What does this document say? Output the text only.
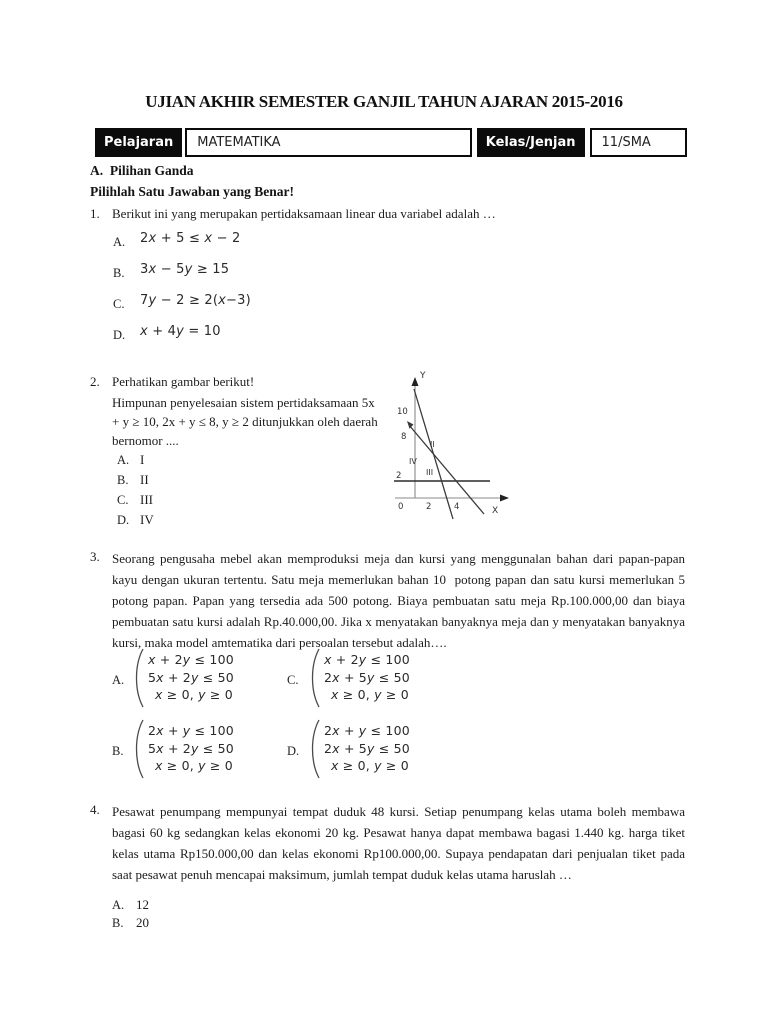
UJIAN AKHIR SEMESTER GANJIL TAHUN AJARAN 2015-2016
Pelajaran	MATEMATIKA	Kelas/Jenjan	11/SMA
A. Pilihan Ganda
Pilihlah Satu Jawaban yang Benar!
1. Berikut ini yang merupakan pertidaksamaan linear dua variabel adalah …
A. 2x + 5 ≤ x − 2
B. 3x − 5y ≥ 15
C. 7y − 2 ≥ 2(x−3)
D. x + 4y = 10
2. Perhatikan gambar berikut!
Himpunan penyelesaian sistem pertidaksamaan 5x + y ≥ 10, 2x + y ≤ 8, y ≥ 2 ditunjukkan oleh daerah bernomor ....
A. I
B. II
C. III
D. IV
Y
X
10
8
2
0	2	4
II
IV
III
3. Seorang pengusaha mebel akan memproduksi meja dan kursi yang menggunalan bahan dari papan-papan kayu dengan ukuran tertentu. Satu meja memerlukan bahan 10  potong papan dan satu kursi memerlukan 5 potong papan. Papan yang tersedia ada 500 potong. Biaya pembuatan satu meja Rp.100.000,00 dan biaya pembuatan satu kursi adalah Rp.40.000,00. Jika x menyatakan banyaknya meja dan y menyatakan banyaknya kursi, maka model amtematika dari persoalan tersebut adalah….
A.
x + 2y ≤ 100
5x + 2y ≤ 50
x ≥ 0, y ≥ 0
C.
x + 2y ≤ 100
2x + 5y ≤ 50
x ≥ 0, y ≥ 0
B.
2x + y ≤ 100
5x + 2y ≤ 50
x ≥ 0, y ≥ 0
D.
2x + y ≤ 100
2x + 5y ≤ 50
x ≥ 0, y ≥ 0
4. Pesawat penumpang mempunyai tempat duduk 48 kursi. Setiap penumpang kelas utama boleh membawa bagasi 60 kg sedangkan kelas ekonomi 20 kg. Pesawat hanya dapat membawa bagasi 1.440 kg. harga tiket kelas utama Rp150.000,00 dan kelas ekonomi Rp100.000,00. Supaya pendapatan dari penjualan tiket pada saat pesawat penuh mencapai maksimum, jumlah tempat duduk kelas utama haruslah …
A. 12
B. 20
